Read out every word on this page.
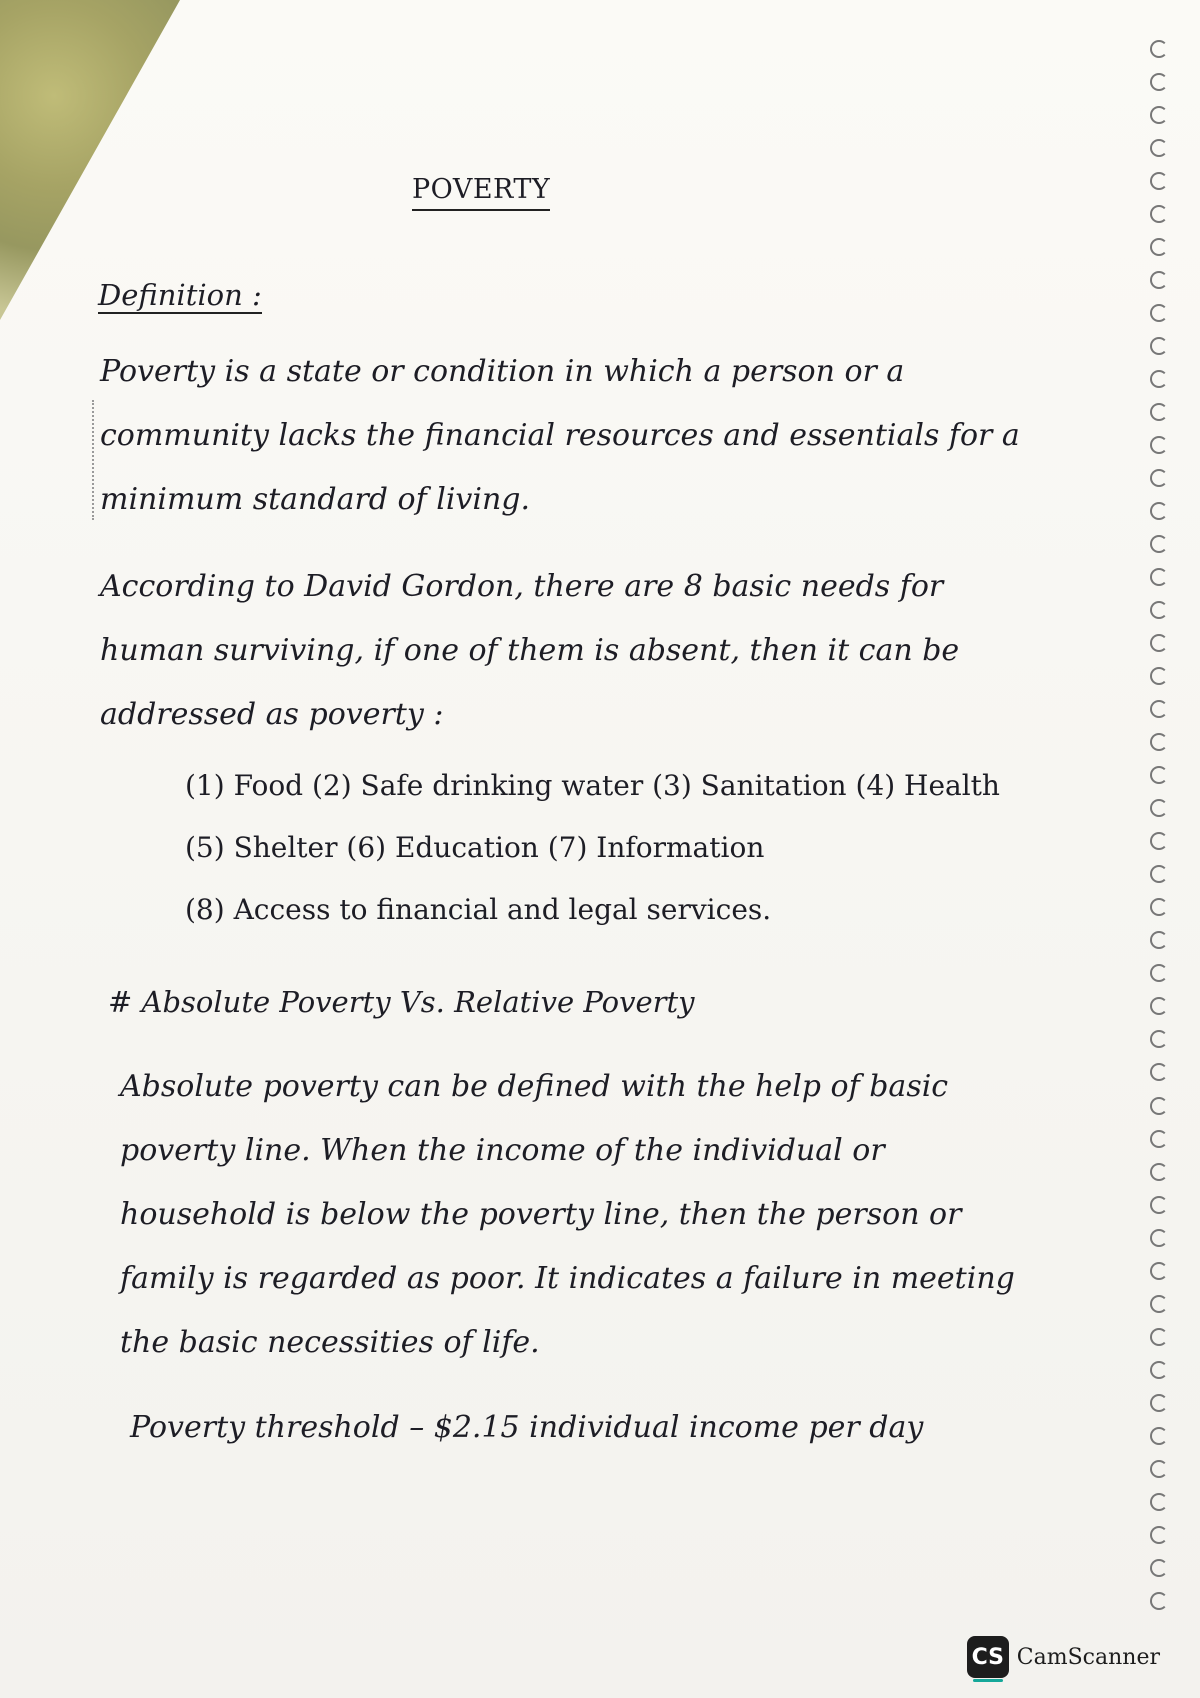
POVERTY
Definition :
Poverty is a state or condition in which a person or a community lacks the financial resources and essentials for a minimum standard of living.
According to David Gordon, there are 8 basic needs for human surviving, if one of them is absent, then it can be addressed as poverty :
(1) Food (2) Safe drinking water (3) Sanitation (4) Health
(5) Shelter (6) Education (7) Information
(8) Access to financial and legal services.
# Absolute Poverty Vs. Relative Poverty
Absolute poverty can be defined with the help of basic poverty line. When the income of the individual or household is below the poverty line, then the person or family is regarded as poor. It indicates a failure in meeting the basic necessities of life.
Poverty threshold – $2.15 individual income per day
CS CamScanner
